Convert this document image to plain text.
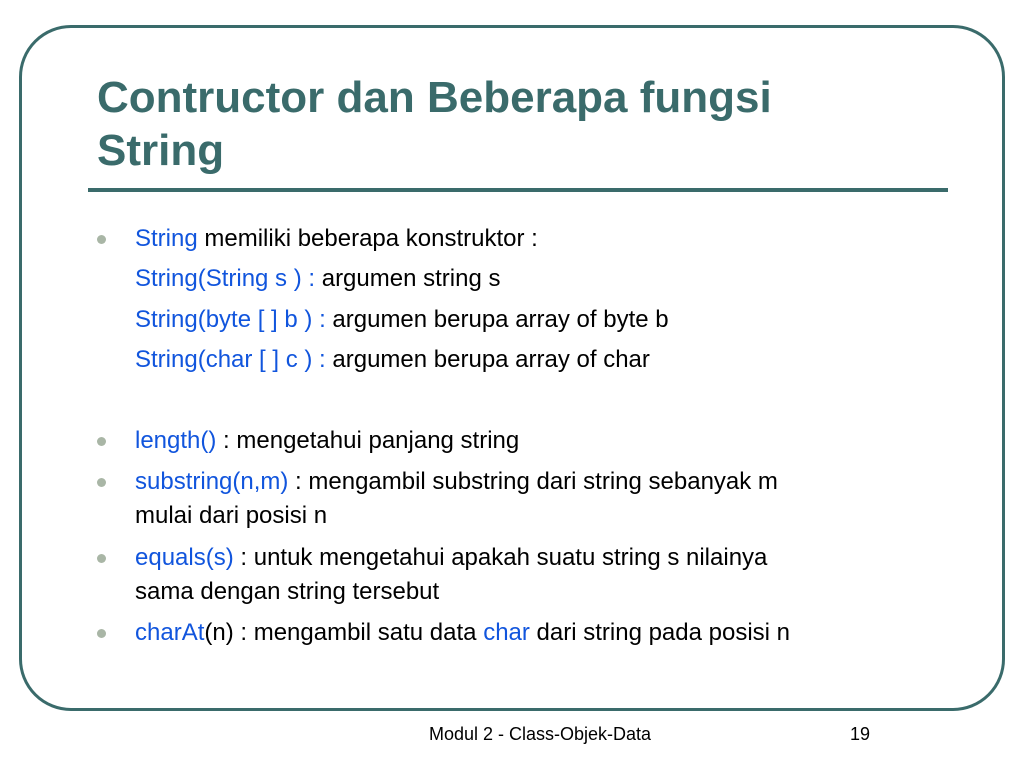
Contructor dan Beberapa fungsi
String
String memiliki beberapa konstruktor :
String(String s ) : argumen string s
String(byte [ ] b ) : argumen berupa array of byte b
String(char [ ] c ) : argumen berupa array of char
length() : mengetahui panjang string
substring(n,m) : mengambil substring dari string sebanyak m
mulai dari posisi n
equals(s) : untuk mengetahui apakah suatu string s nilainya
sama dengan string tersebut
charAt(n) : mengambil satu data char dari string pada posisi n
Modul 2 - Class-Objek-Data	19
